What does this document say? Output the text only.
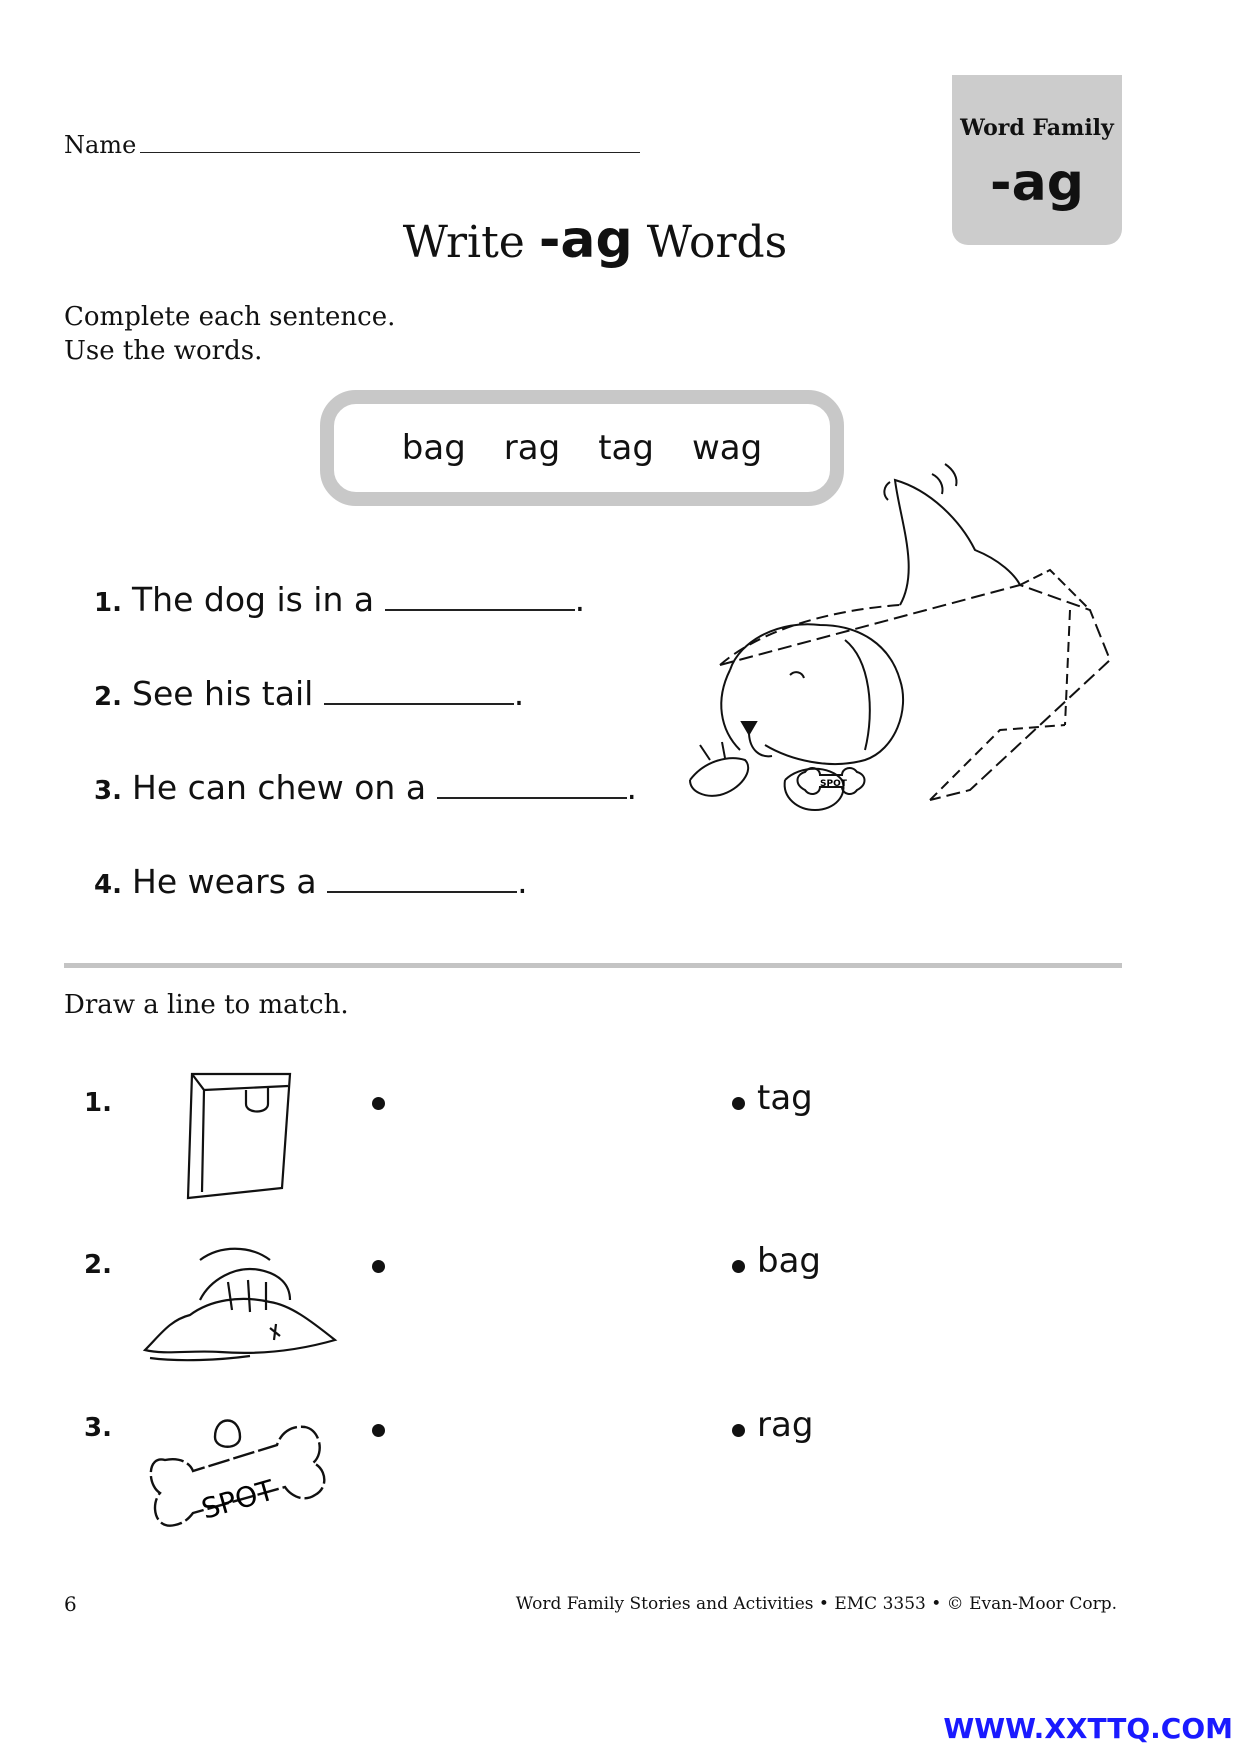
Name
Word Family
-ag
Write -ag Words
Complete each sentence.
Use the words.
bag rag tag wag
1. The dog is in a	.
2. See his tail	.
3. He can chew on a	.
4. He wears a	.
SPOT
Draw a line to match.
1.	tag
2.	bag
3.
SPOT
rag
6	Word Family Stories and Activities • EMC 3353 • © Evan-Moor Corp.
WWW.XXTTQ.COM
